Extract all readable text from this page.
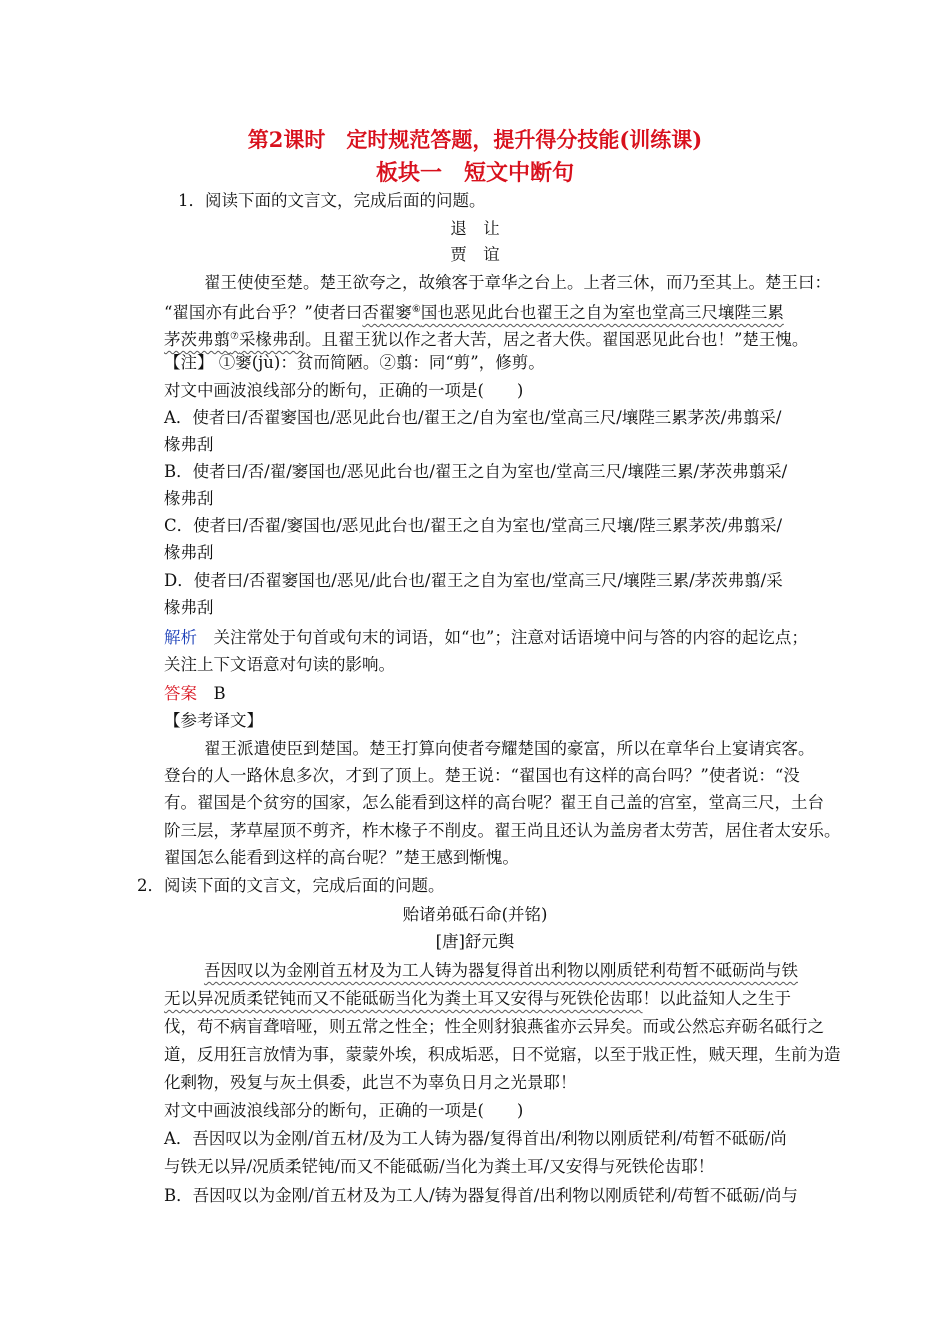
第2课时　定时规范答题，提升得分技能(训练课)
板块一　短文中断句
1．阅读下面的文言文，完成后面的问题。
退　让
贾　谊
翟王使使至楚。楚王欲夸之，故飨客于章华之台上。上者三休，而乃至其上。楚王曰：
“翟国亦有此台乎？”使者曰否翟窭⑥国也恶见此台也翟王之自为室也堂高三尺壤陛三累
茅茨弗翦⑦采椽弗刮。且翟王犹以作之者大苦，居之者大佚。翟国恶见此台也！”楚王愧。
【注】 ①窭(jù)：贫而简陋。②翦：同“剪”，修剪。
对文中画波浪线部分的断句，正确的一项是(　　)
A．使者曰/否翟窭国也/恶见此台也/翟王之/自为室也/堂高三尺/壤陛三累茅茨/弗翦采/
椽弗刮
B．使者曰/否/翟/窭国也/恶见此台也/翟王之自为室也/堂高三尺/壤陛三累/茅茨弗翦采/
椽弗刮
C．使者曰/否翟/窭国也/恶见此台也/翟王之自为室也/堂高三尺壤/陛三累茅茨/弗翦采/
椽弗刮
D．使者曰/否翟窭国也/恶见/此台也/翟王之自为室也/堂高三尺/壤陛三累/茅茨弗翦/采
椽弗刮
解析　关注常处于句首或句末的词语，如“也”；注意对话语境中问与答的内容的起讫点；
关注上下文语意对句读的影响。
答案　B
【参考译文】
翟王派遣使臣到楚国。楚王打算向使者夸耀楚国的豪富，所以在章华台上宴请宾客。
登台的人一路休息多次，才到了顶上。楚王说：“翟国也有这样的高台吗？”使者说：“没
有。翟国是个贫穷的国家，怎么能看到这样的高台呢？翟王自己盖的宫室，堂高三尺，土台
阶三层，茅草屋顶不剪齐，柞木椽子不削皮。翟王尚且还认为盖房者太劳苦，居住者太安乐。
翟国怎么能看到这样的高台呢？”楚王感到惭愧。
2．阅读下面的文言文，完成后面的问题。
贻诸弟砥石命(并铭)
[唐]舒元舆
吾因叹以为金刚首五材及为工人铸为器复得首出利物以刚质铓利苟暂不砥砺尚与铁
无以异况质柔铓钝而又不能砥砺当化为粪土耳又安得与死铁伦齿耶！以此益知人之生于
伐，苟不病盲聋喑哑，则五常之性全；性全则豺狼燕雀亦云异矣。而或公然忘弃砺名砥行之
道，反用狂言放情为事，蒙蒙外埃，积成垢恶，日不觉寤，以至于戕正性，贼天理，生前为造
化剩物，殁复与灰土俱委，此岂不为辜负日月之光景耶！
对文中画波浪线部分的断句，正确的一项是(　　)
A．吾因叹以为金刚/首五材/及为工人铸为器/复得首出/利物以刚质铓利/苟暂不砥砺/尚
与铁无以异/况质柔铓钝/而又不能砥砺/当化为粪土耳/又安得与死铁伦齿耶！
B．吾因叹以为金刚/首五材及为工人/铸为器复得首/出利物以刚质铓利/苟暂不砥砺/尚与
